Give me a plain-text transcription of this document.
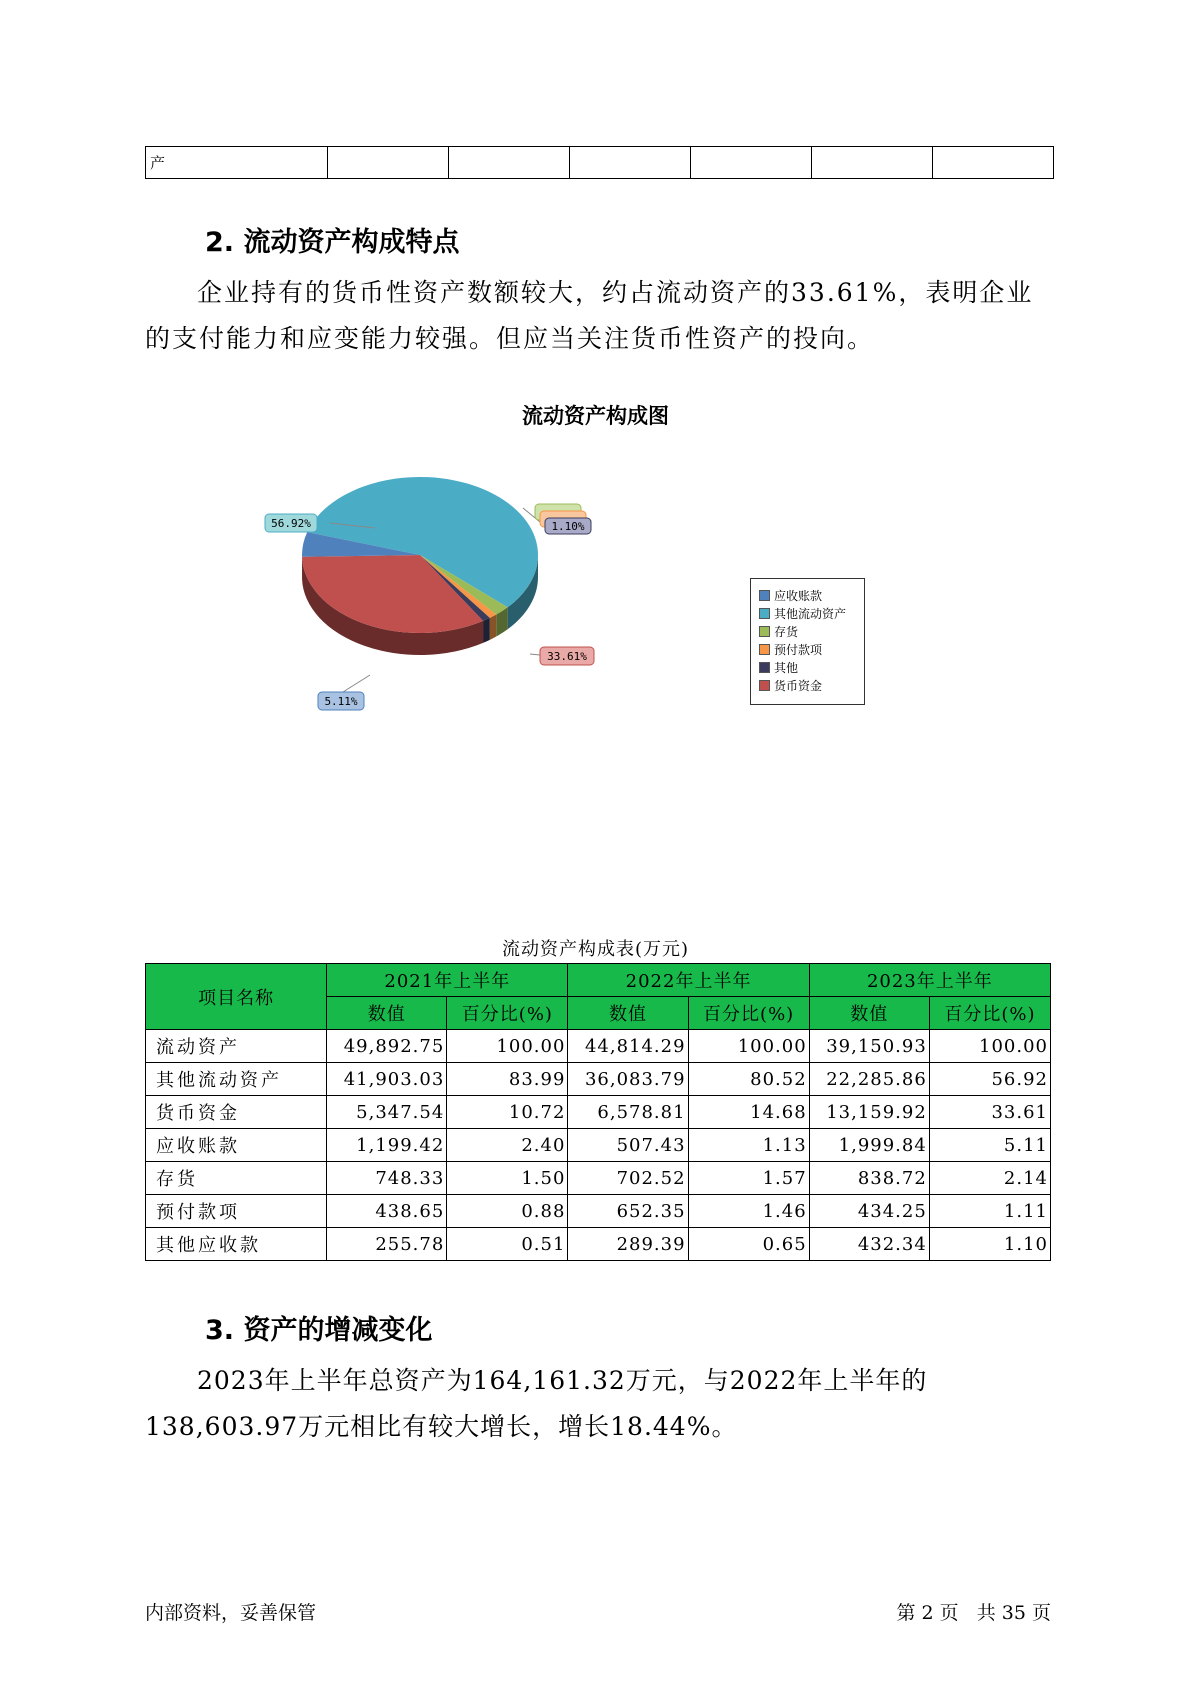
产						
2. 流动资产构成特点

企业持有的货币性资产数额较大，约占流动资产的33.61%，表明企业的支付能力和应变能力较强。但应当关注货币性资产的投向。

流动资产构成图
56.92%
33.61%
5.11%
1.10%
应收账款
其他流动资产
存货
预付款项
其他
货币资金
流动资产构成表(万元)
项目名称	2021年上半年		2022年上半年		2023年上半年	
	数值	百分比(%)	数值	百分比(%)	数值	百分比(%)
流动资产	49,892.75	100.00	44,814.29	100.00	39,150.93	100.00
其他流动资产	41,903.03	83.99	36,083.79	80.52	22,285.86	56.92
货币资金	5,347.54	10.72	6,578.81	14.68	13,159.92	33.61
应收账款	1,199.42	2.40	507.43	1.13	1,999.84	5.11
存货	748.33	1.50	702.52	1.57	838.72	2.14
预付款项	438.65	0.88	652.35	1.46	434.25	1.11
其他应收款	255.78	0.51	289.39	0.65	432.34	1.10
3. 资产的增减变化

2023年上半年总资产为164,161.32万元，与2022年上半年的138,603.97万元相比有较大增长，增长18.44%。

内部资料，妥善保管	第 2 页   共 35 页
